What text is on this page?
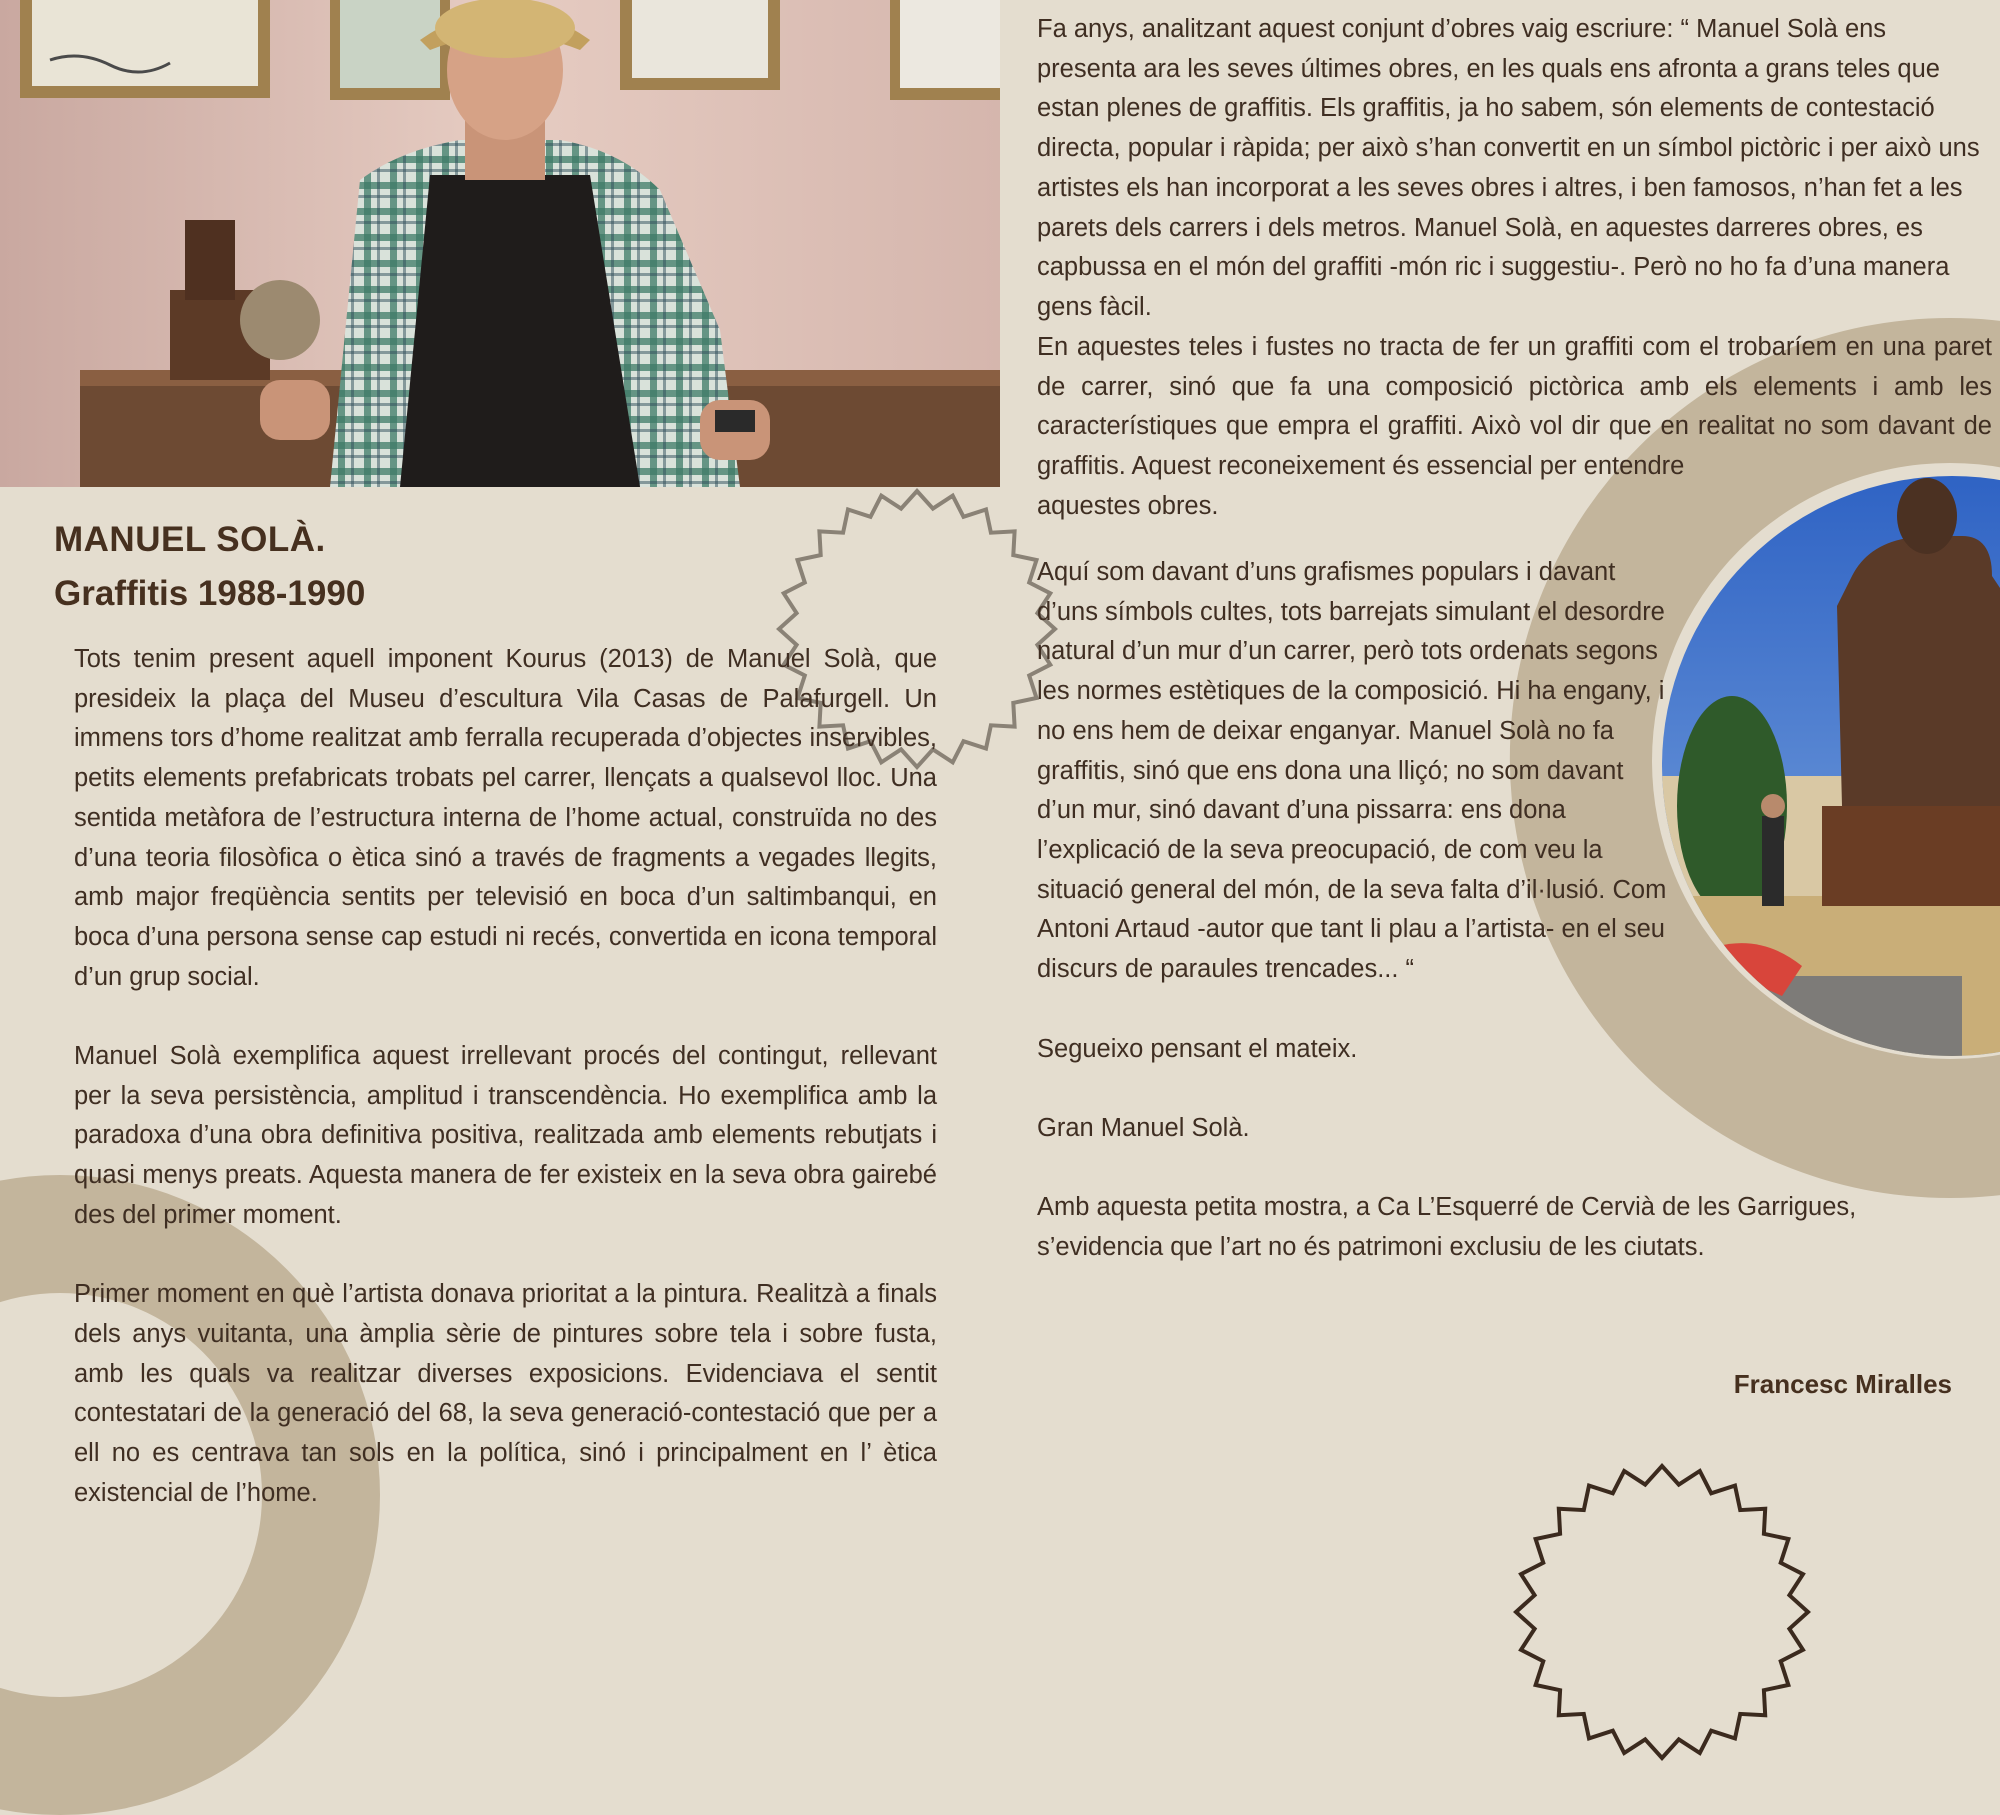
MANUEL SOLÀ.
Graffitis 1988-1990

Tots tenim present aquell imponent Kourus (2013) de Manuel Solà, que presideix la plaça del Museu d’escultura Vila Casas de Palafurgell. Un immens tors d’home realitzat amb ferralla recuperada d’objectes inservibles, petits elements prefabricats trobats pel carrer, llençats a qualsevol lloc. Una sentida metàfora de l’estructura interna de l’home actual, construïda no des d’una teoria filosòfica o ètica sinó a través de fragments a vegades llegits, amb major freqüència sentits per televisió en boca d’un saltimbanqui, en boca d’una persona sense cap estudi ni recés, convertida en icona temporal d’un grup social.

Manuel Solà exemplifica aquest irrellevant procés del contingut, rellevant per la seva persistència, amplitud i transcendència. Ho exemplifica amb la paradoxa d’una obra definitiva positiva, realitzada amb elements rebutjats i quasi menys preats. Aquesta manera de fer existeix en la seva obra gairebé des del primer moment.

Primer moment en què l’artista donava prioritat a la pintura. Realitzà a finals dels anys vuitanta, una àmplia sèrie de pintures sobre tela i sobre fusta, amb les quals va realitzar diverses exposicions. Evidenciava el sentit contestatari de la generació del 68, la seva generació-contestació que per a ell no es centrava tan sols en la política, sinó i principalment en l’ ètica existencial de l’home.

Fa anys, analitzant aquest conjunt d’obres vaig escriure: “ Manuel Solà ens presenta ara les seves últimes obres, en les quals ens afronta a grans teles que estan plenes de graffitis. Els graffitis, ja ho sabem, són elements de contestació directa, popular i ràpida; per això s’han convertit en un símbol pictòric i per això uns artistes els han incorporat a les seves obres i altres, i ben famosos, n’han fet a les parets dels carrers i dels metros. Manuel Solà, en aquestes darreres obres, es capbussa en el món del graffiti -món ric i suggestiu-. Però no ho fa d’una manera gens fàcil.

En aquestes teles i fustes no tracta de fer un graffiti com el trobaríem en una paret de carrer, sinó que fa una composició pictòrica amb els elements i amb les característiques que empra el graffiti. Això vol dir que en realitat no som davant de graffitis. Aquest reconeixement és essencial per entendre

aquestes obres.

Aquí som davant d’uns grafismes populars i davant d’uns símbols cultes, tots barrejats simulant el desordre natural d’un mur d’un carrer, però tots ordenats segons les normes estètiques de la composició. Hi ha engany, i no ens hem de deixar enganyar. Manuel Solà no fa graffitis, sinó que ens dona una lliçó; no som davant d’un mur, sinó davant d’una pissarra: ens dona l’explicació de la seva preocupació, de com veu la situació general del món, de la seva falta d’il·lusió. Com Antoni Artaud -autor que tant li plau a l’artista- en el seu discurs de paraules trencades... “

Segueixo pensant el mateix.

Gran Manuel Solà.

Amb aquesta petita mostra, a Ca L’Esquerré de Cervià de les Garrigues, s’evidencia que l’art no és patrimoni exclusiu de les ciutats.

Francesc Miralles
